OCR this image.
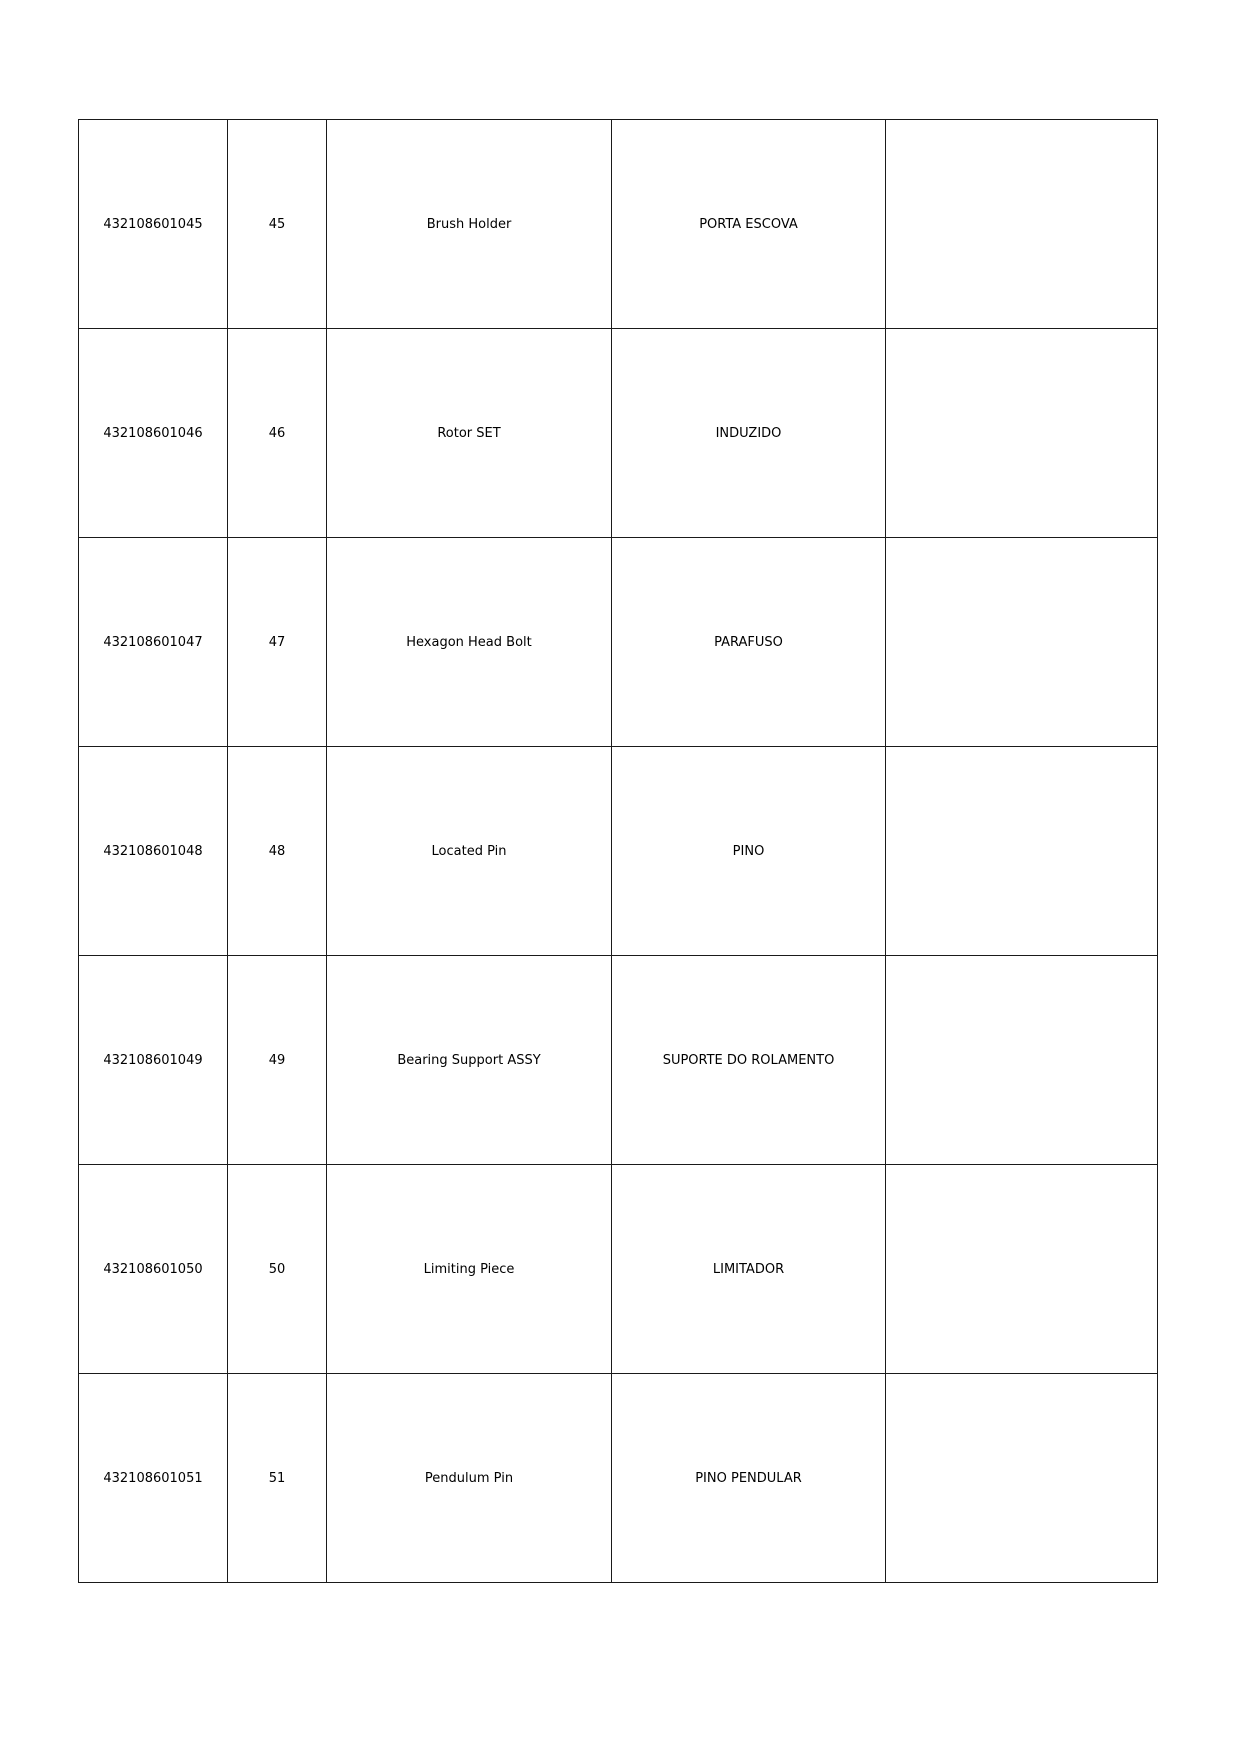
432108601045	45	Brush Holder	PORTA ESCOVA	
432108601046	46	Rotor SET	INDUZIDO	
432108601047	47	Hexagon Head Bolt	PARAFUSO	
432108601048	48	Located Pin	PINO	
432108601049	49	Bearing Support ASSY	SUPORTE DO ROLAMENTO	
432108601050	50	Limiting Piece	LIMITADOR	
432108601051	51	Pendulum Pin	PINO PENDULAR	
